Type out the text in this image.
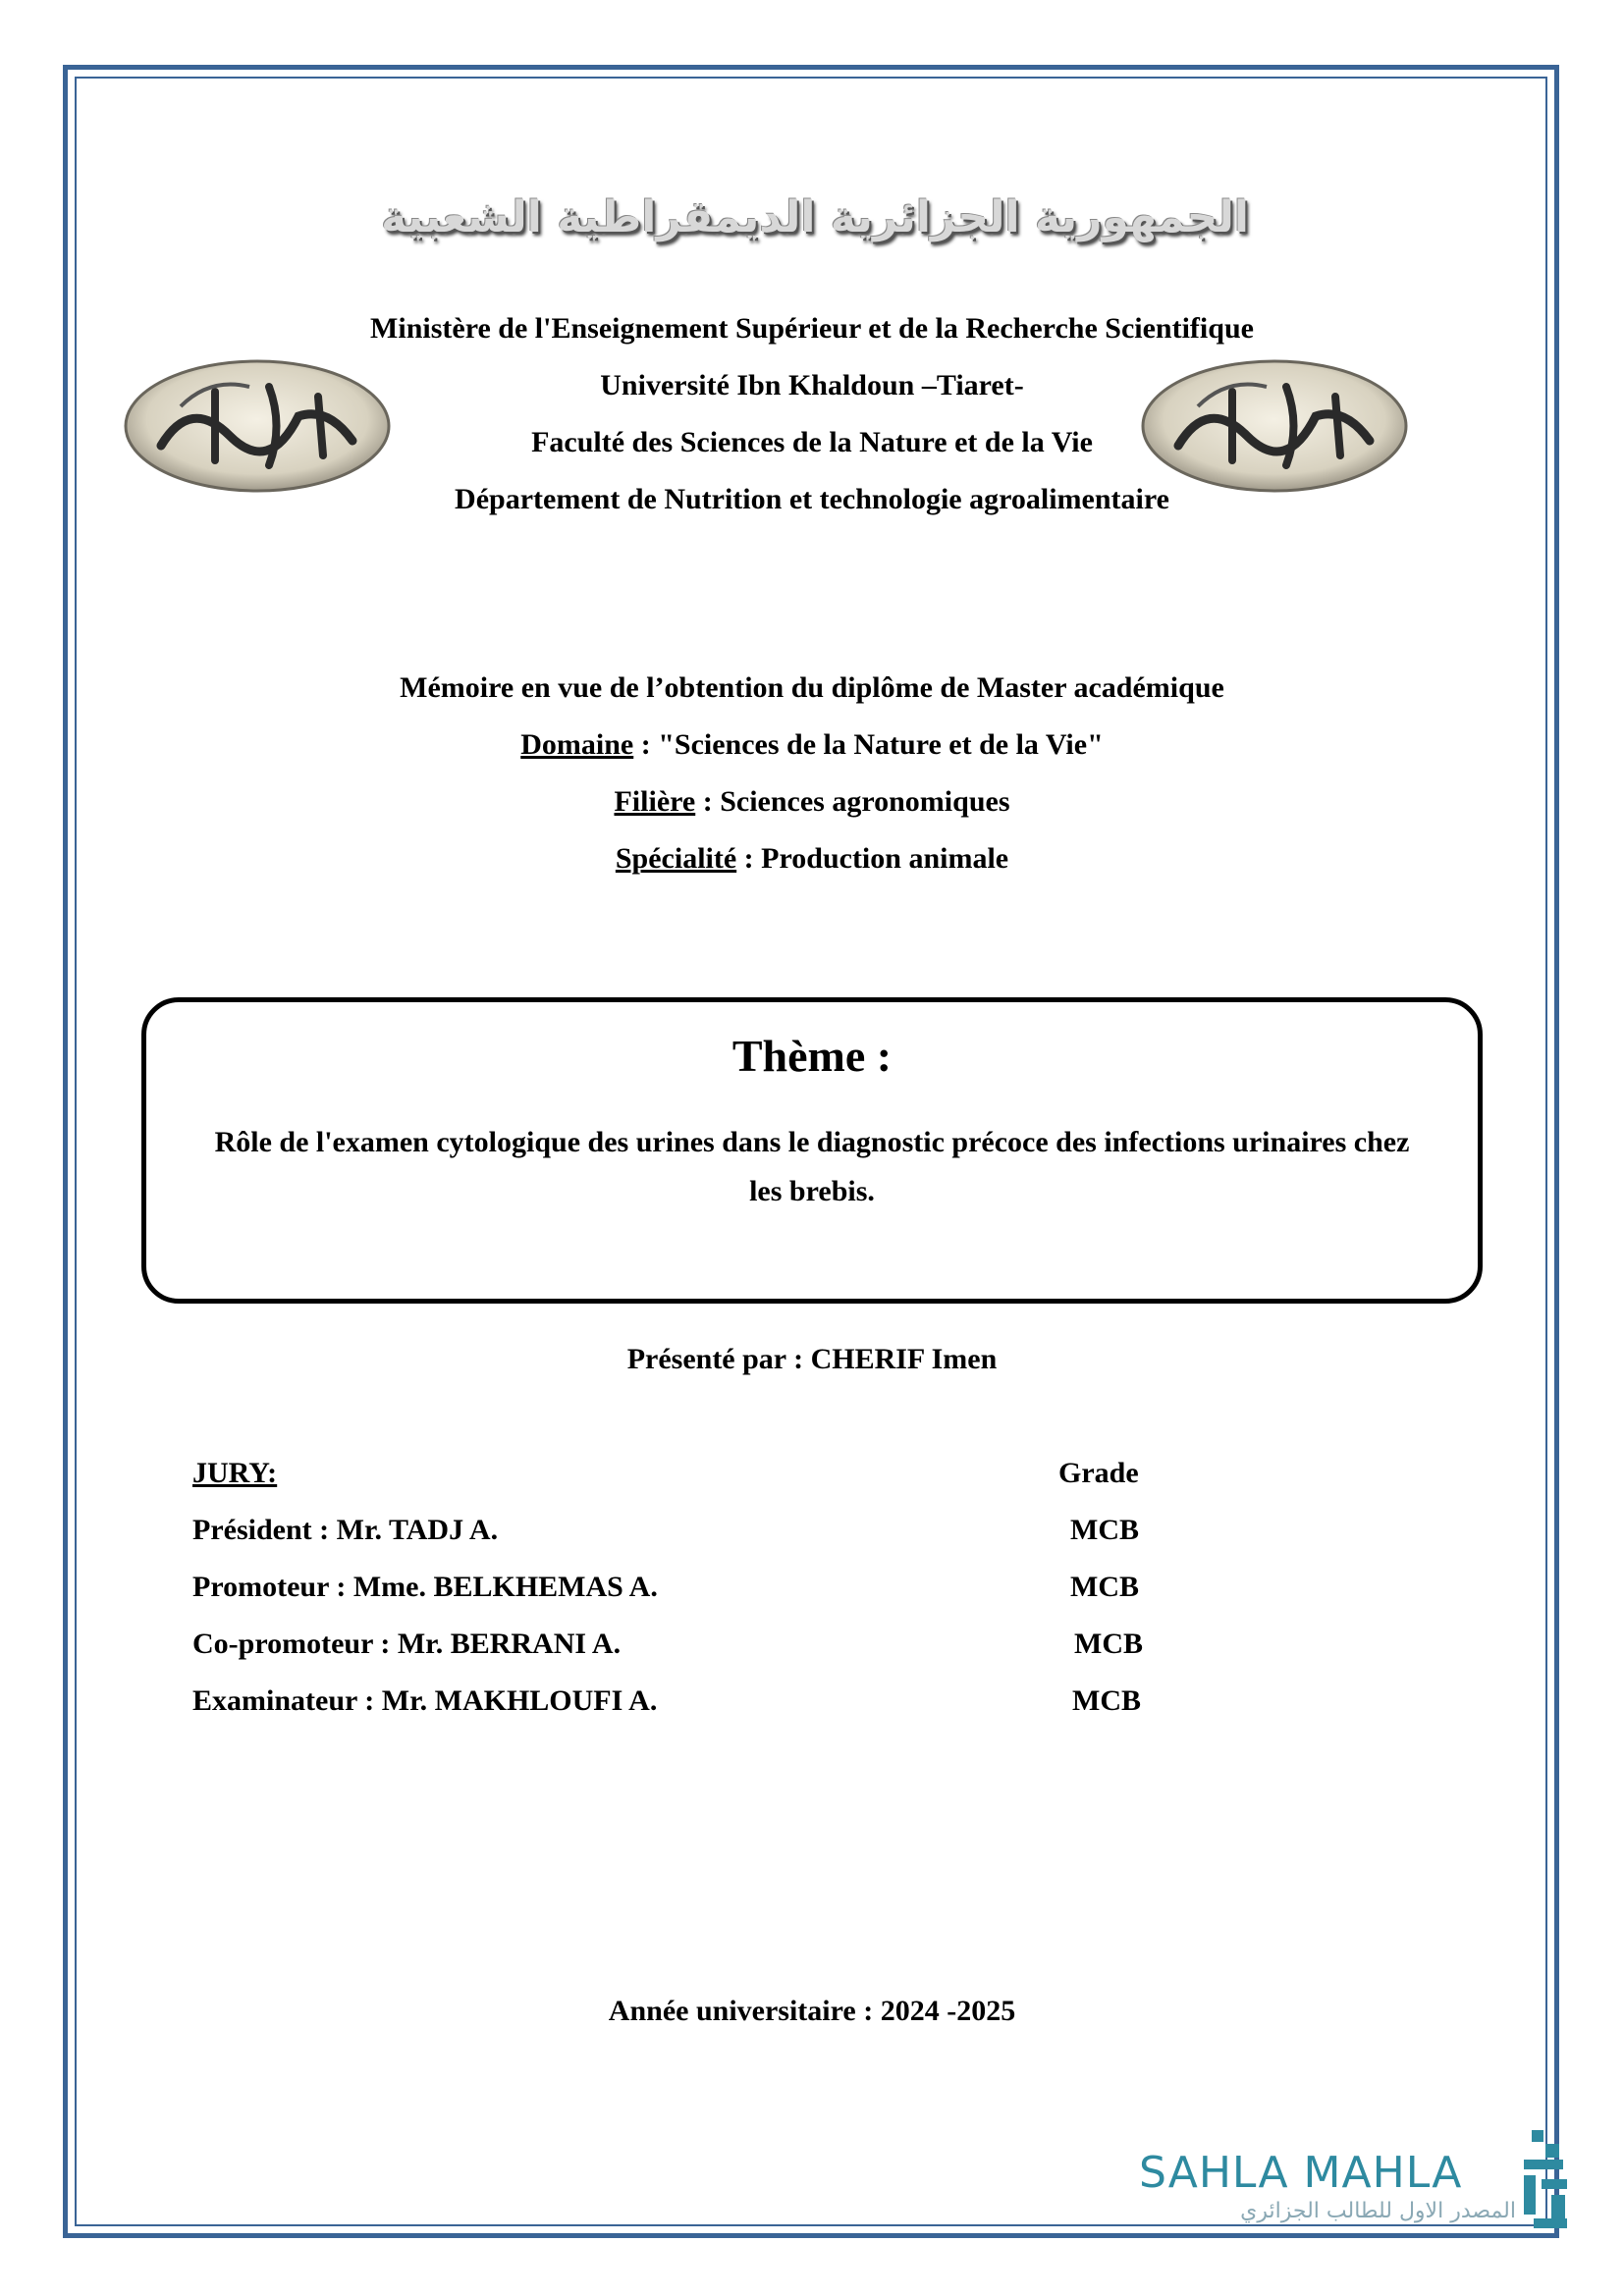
الجمهورية الجزائرية الديمقراطية الشعبية
Ministère de l'Enseignement Supérieur et de la Recherche Scientifique
Université Ibn Khaldoun –Tiaret-
Faculté des Sciences de la Nature et de la Vie
Département de Nutrition et technologie agroalimentaire
Mémoire en vue de l’obtention du diplôme de Master académique
Domaine : "Sciences de la Nature et de la Vie"
Filière : Sciences agronomiques
Spécialité : Production animale
Thème :
Rôle de l'examen cytologique des urines dans le diagnostic précoce des infections urinaires chez les brebis.
Présenté par : CHERIF Imen
JURY:	Grade
Président : Mr. TADJ A.	MCB
Promoteur : Mme. BELKHEMAS A.	MCB
Co-promoteur : Mr. BERRANI A.	MCB
Examinateur : Mr. MAKHLOUFI A.	MCB
Année universitaire : 2024 -2025
SAHLA MAHLA
المصدر الاول للطالب الجزائري
